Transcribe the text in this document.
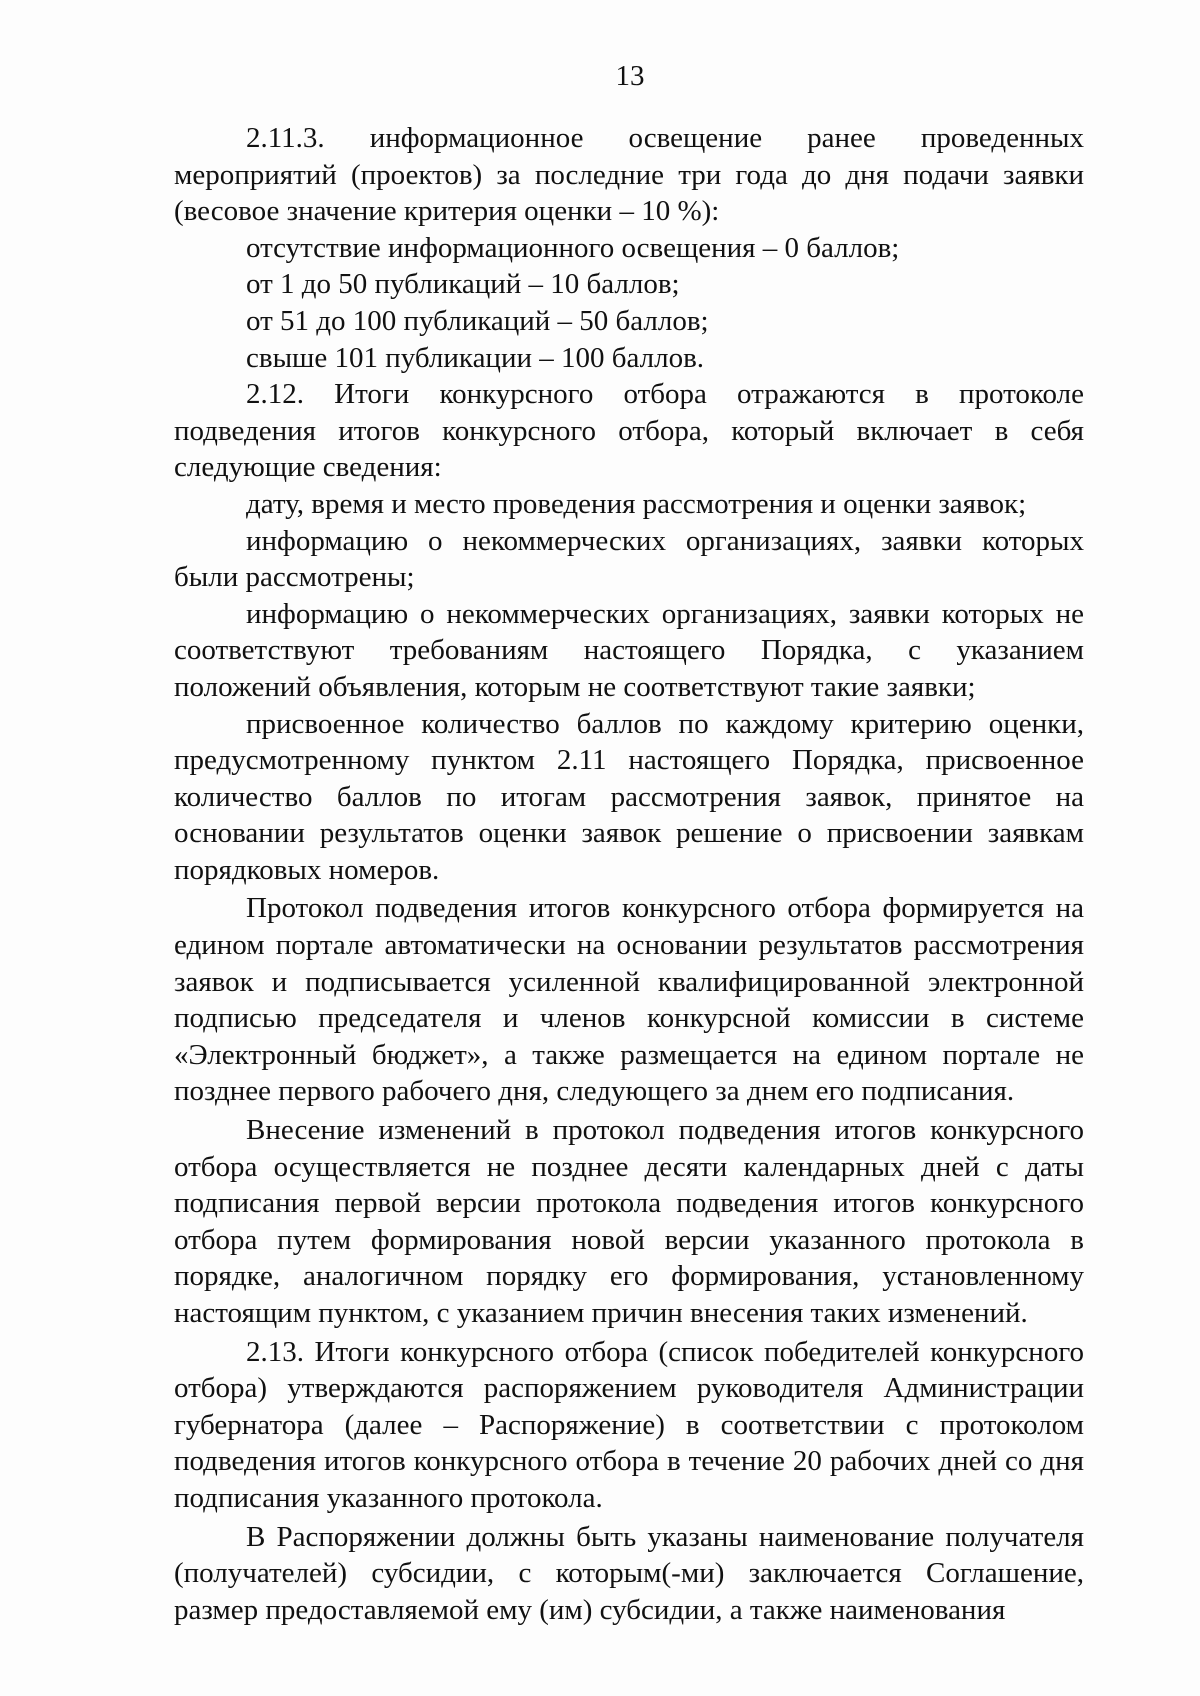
13

2.11.3. информационное освещение ранее проведенных мероприятий (проектов) за последние три года до дня подачи заявки (весовое значение критерия оценки – 10 %):

отсутствие информационного освещения – 0 баллов;

от 1 до 50 публикаций – 10 баллов;

от 51 до 100 публикаций – 50 баллов;

свыше 101 публикации – 100 баллов.

2.12. Итоги конкурсного отбора отражаются в протоколе подведения итогов конкурсного отбора, который включает в себя следующие сведения:

дату, время и место проведения рассмотрения и оценки заявок;

информацию о некоммерческих организациях, заявки которых были рассмотрены;

информацию о некоммерческих организациях, заявки которых не соответствуют требованиям настоящего Порядка, с указанием положений объявления, которым не соответствуют такие заявки;

присвоенное количество баллов по каждому критерию оценки, предусмотренному пунктом 2.11 настоящего Порядка, присвоенное количество баллов по итогам рассмотрения заявок, принятое на основании результатов оценки заявок решение о присвоении заявкам порядковых номеров.

Протокол подведения итогов конкурсного отбора формируется на едином портале автоматически на основании результатов рассмотрения заявок и подписывается усиленной квалифицированной электронной подписью председателя и членов конкурсной комиссии в системе «Электронный бюджет», а также размещается на едином портале не позднее первого рабочего дня, следующего за днем его подписания.

Внесение изменений в протокол подведения итогов конкурсного отбора осуществляется не позднее десяти календарных дней с даты подписания первой версии протокола подведения итогов конкурсного отбора путем формирования новой версии указанного протокола в порядке, аналогичном порядку его формирования, установленному настоящим пунктом, с указанием причин внесения таких изменений.

2.13. Итоги конкурсного отбора (список победителей конкурсного отбора) утверждаются распоряжением руководителя Администрации губернатора (далее – Распоряжение) в соответствии с протоколом подведения итогов конкурсного отбора в течение 20 рабочих дней со дня подписания указанного протокола.

В Распоряжении должны быть указаны наименование получателя (получателей) субсидии, с которым(-ми) заключается Соглашение, размер предоставляемой ему (им) субсидии, а также наименования
